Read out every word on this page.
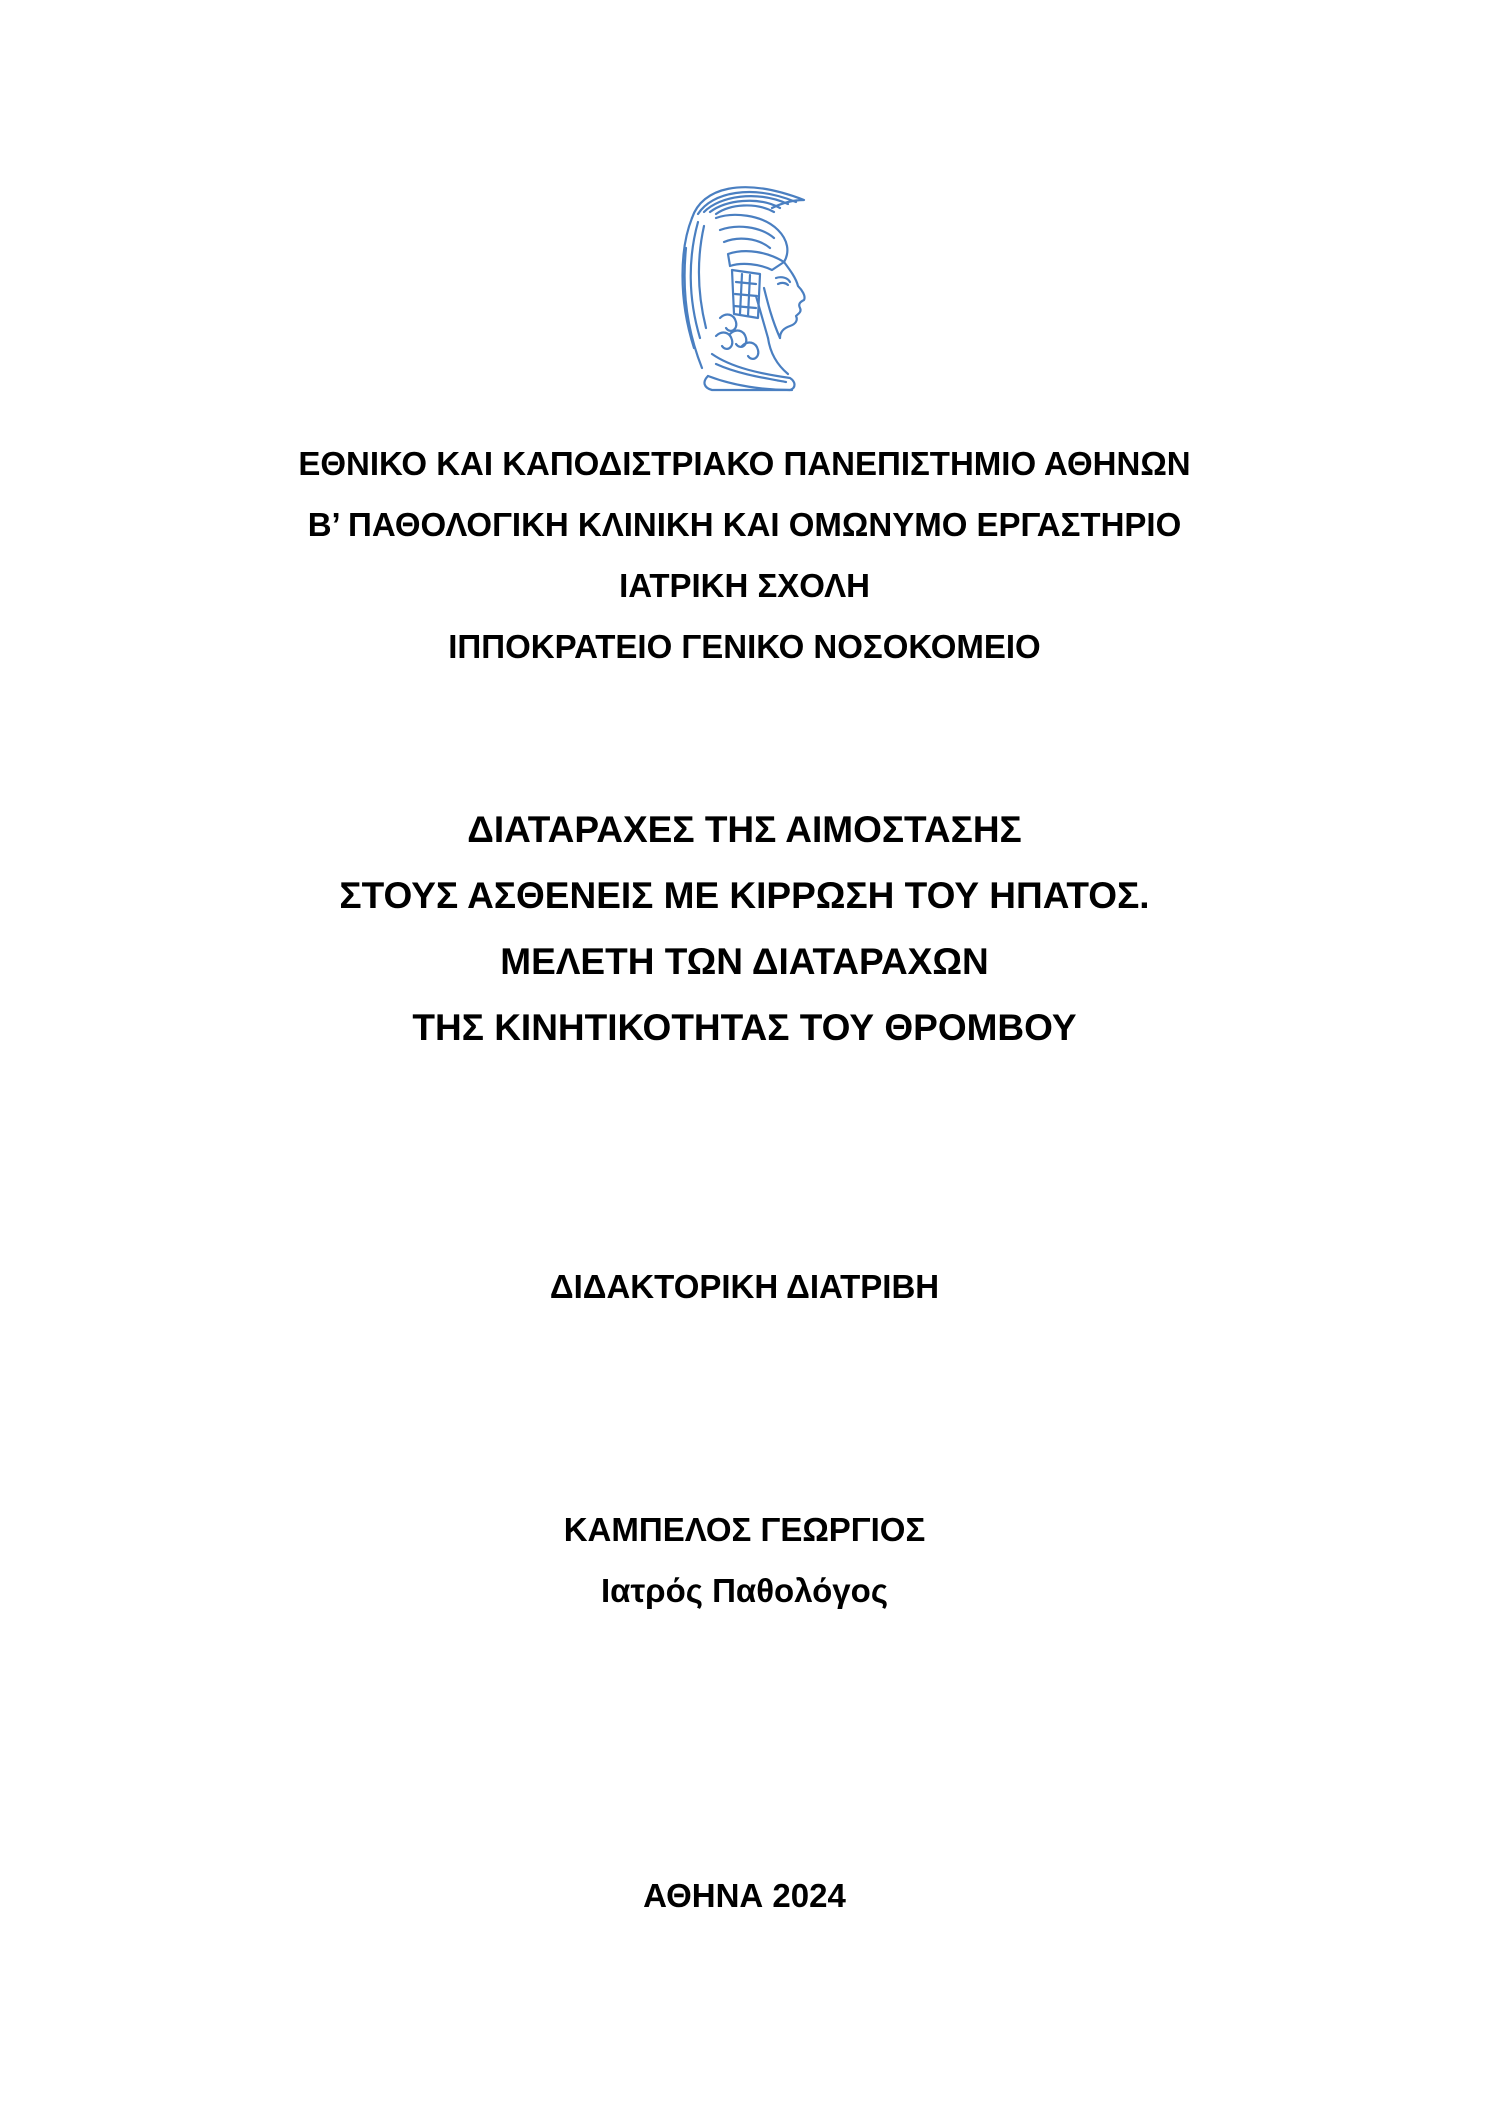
ΕΘΝΙΚΟ ΚΑΙ ΚΑΠΟΔΙΣΤΡΙΑΚΟ ΠΑΝΕΠΙΣΤΗΜΙΟ ΑΘΗΝΩΝ
Β’ ΠΑΘΟΛΟΓΙΚΗ ΚΛΙΝΙΚΗ ΚΑΙ ΟΜΩΝΥΜΟ ΕΡΓΑΣΤΗΡΙΟ
ΙΑΤΡΙΚΗ ΣΧΟΛΗ
ΙΠΠΟΚΡΑΤΕΙΟ ΓΕΝΙΚΟ ΝΟΣΟΚΟΜΕΙΟ
ΔΙΑΤΑΡΑΧΕΣ ΤΗΣ ΑΙΜΟΣΤΑΣΗΣ
ΣΤΟΥΣ ΑΣΘΕΝΕΙΣ ΜΕ ΚΙΡΡΩΣΗ ΤΟΥ ΗΠΑΤΟΣ.
ΜΕΛΕΤΗ ΤΩΝ ΔΙΑΤΑΡΑΧΩΝ
ΤΗΣ ΚΙΝΗΤΙΚΟΤΗΤΑΣ ΤΟΥ ΘΡΟΜΒΟΥ
ΔΙΔΑΚΤΟΡΙΚΗ ΔΙΑΤΡΙΒΗ
ΚΑΜΠΕΛΟΣ ΓΕΩΡΓΙΟΣ
Ιατρός Παθολόγος
ΑΘΗΝΑ 2024
